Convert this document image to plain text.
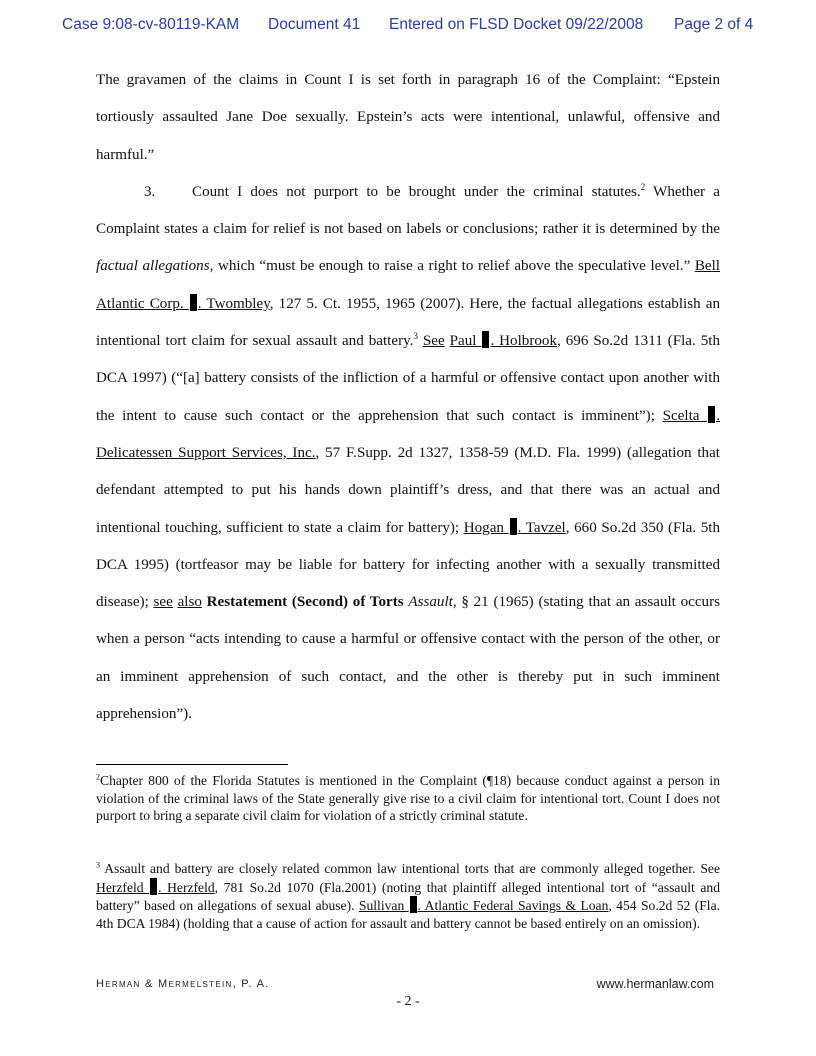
Case 9:08-cv-80119-KAM Document 41 Entered on FLSD Docket 09/22/2008 Page 2 of 4

The gravamen of the claims in Count I is set forth in paragraph 16 of the Complaint: “Epstein tortiously assaulted Jane Doe sexually. Epstein’s acts were intentional, unlawful, offensive and harmful.”

3. Count I does not purport to be brought under the criminal statutes.$^2$ Whether a Complaint states a claim for relief is not based on labels or conclusions; rather it is determined by the factual allegations, which “must be enough to raise a right to relief above the speculative level.” Bell Atlantic Corp. . Twombley, 127 5. Ct. 1955, 1965 (2007). Here, the factual allegations establish an intentional tort claim for sexual assault and battery.$^3$ See Paul . Holbrook, 696 So.2d 1311 (Fla. 5th DCA 1997) (“[a] battery consists of the infliction of a harmful or offensive contact upon another with the intent to cause such contact or the apprehension that such contact is imminent”); Scelta . Delicatessen Support Services, Inc., 57 F.Supp. 2d 1327, 1358-59 (M.D. Fla. 1999) (allegation that defendant attempted to put his hands down plaintiff’s dress, and that there was an actual and intentional touching, sufficient to state a claim for battery); Hogan . Tavzel, 660 So.2d 350 (Fla. 5th DCA 1995) (tortfeasor may be liable for battery for infecting another with a sexually transmitted disease); see also Restatement (Second) of Torts Assault, § 21 (1965) (stating that an assault occurs when a person “acts intending to cause a harmful or offensive contact with the person of the other, or an imminent apprehension of such contact, and the other is thereby put in such imminent apprehension”).

$^2$Chapter 800 of the Florida Statutes is mentioned in the Complaint (¶18) because conduct against a person in violation of the criminal laws of the State generally give rise to a civil claim for intentional tort. Count I does not purport to bring a separate civil claim for violation of a strictly criminal statute.
$^3$ Assault and battery are closely related common law intentional torts that are commonly alleged together. See Herzfeld . Herzfeld, 781 So.2d 1070 (Fla.2001) (noting that plaintiff alleged intentional tort of “assault and battery” based on allegations of sexual abuse). Sullivan . Atlantic Federal Savings & Loan, 454 So.2d 52 (Fla. 4th DCA 1984) (holding that a cause of action for assault and battery cannot be based entirely on an omission).
Herman & Mermelstein, P. A.	www.hermanlaw.com
- 2 -
